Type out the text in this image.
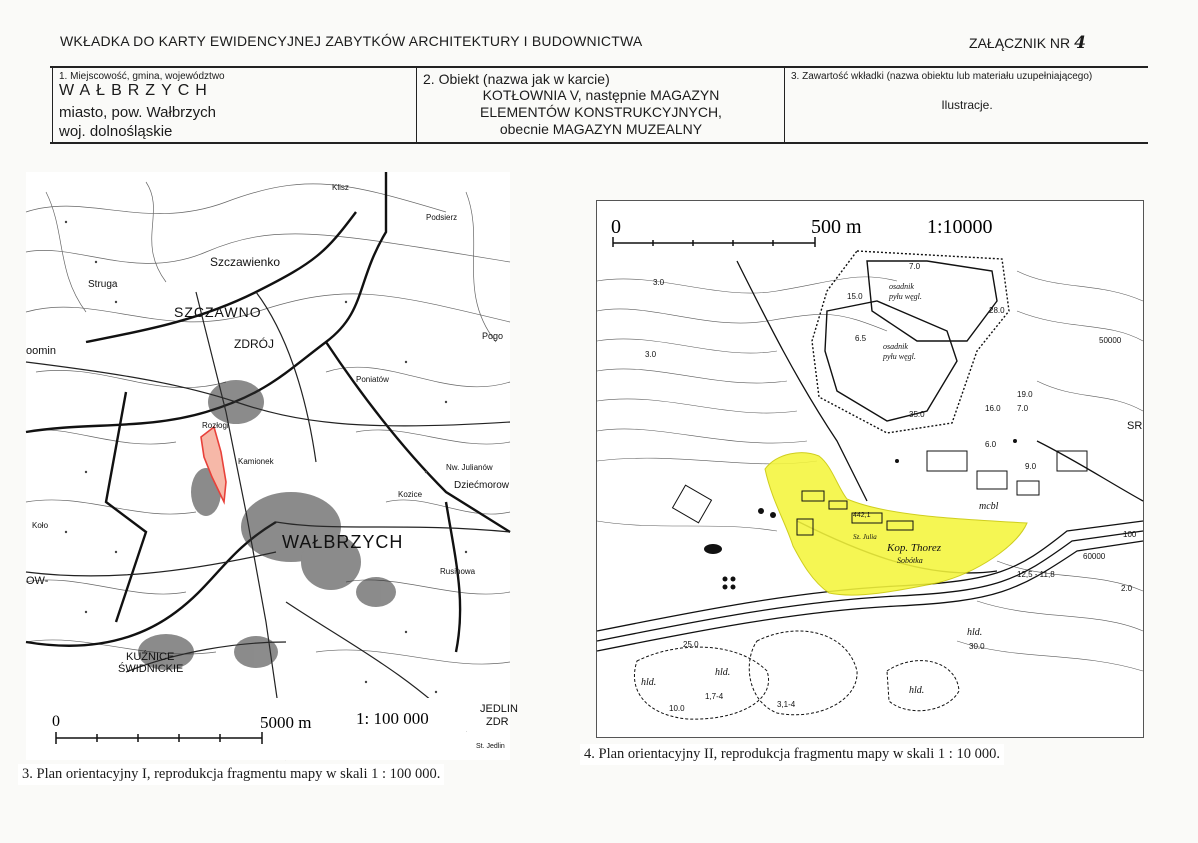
WKŁADKA DO KARTY EWIDENCYJNEJ ZABYTKÓW ARCHITEKTURY I BUDOWNICTWA	ZAŁĄCZNIK NR 4
1. Miejscowość, gmina, województwo
WAŁBRZYCH
miasto, pow. Wałbrzych
woj. dolnośląskie
2. Obiekt (nazwa jak w karcie)
KOTŁOWNIA V, następnie MAGAZYN
ELEMENTÓW KONSTRUKCYJNYCH,
obecnie MAGAZYN MUZEALNY
3. Zawartość wkładki (nazwa obiektu lub materiału uzupełniającego)
Ilustracje.
Klisz
Podsierz
Szczawienko
Struga
SZCZAWNO
ZDRÓJ
oomin
Pogo
Poniatów
Rozłogi
Kamionek
Nw. Julianów
Dziećmorow
Kozice
Koło
WAŁBRZYCH
OW-
Rusinowa
KUŹNICE
ŚWIDNICKIE
JEDLIN
ZDR
St. Jedlin
0	5000 m	1: 100 000
3. Plan orientacyjny I, reprodukcja fragmentu mapy w skali 1 : 100 000.
0	500 m	1:10000
osadnik
pyłu węgl.
osadnik
pyłu węgl.
7.0
15.0
28.0
6.5
35.0
19.0
16.0 7.0
6.0
9.0
3.0
3.0
442,1
Sz. Julia
Kop. Thorez
Sobótka
mcbl
SR
50000
60000
100
12,5 - 11,8
2.0
hld.
hld.
hld.
hld.
25.0	30.0
10.0
1,7-4
3,1-4
4. Plan orientacyjny II, reprodukcja fragmentu mapy w skali 1 : 10 000.
